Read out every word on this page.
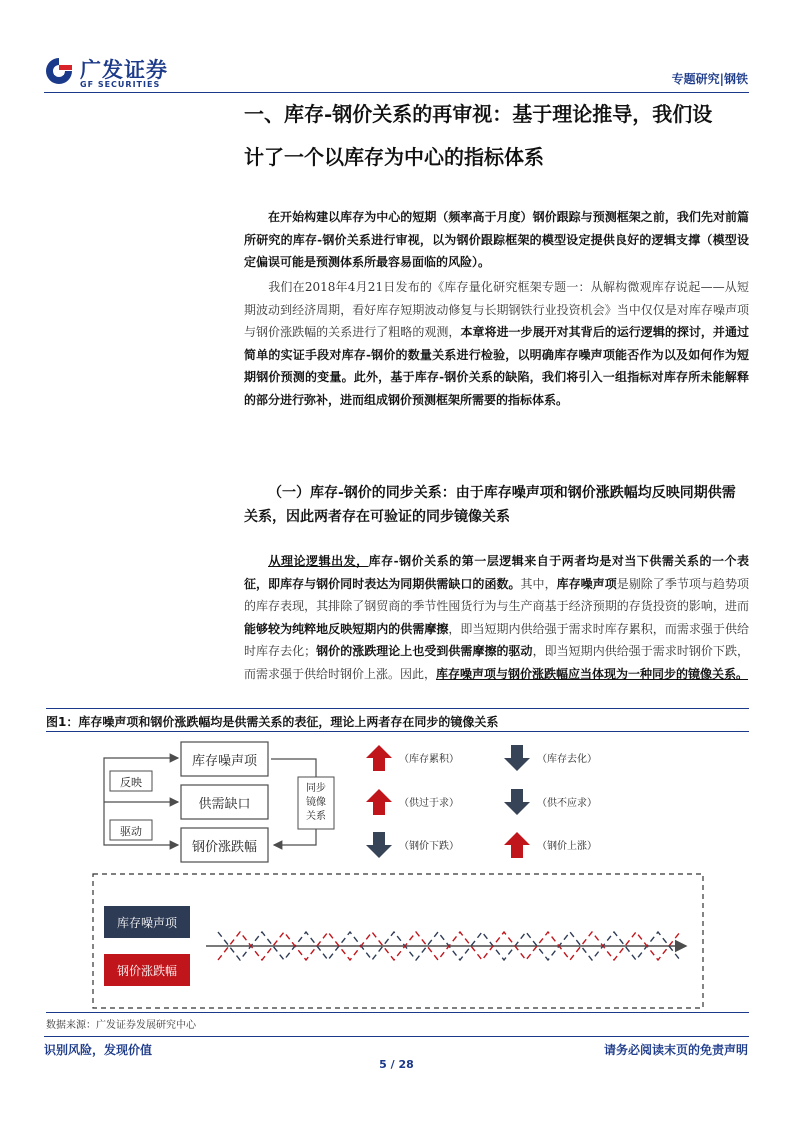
广发证券
GF SECURITIES	专题研究|钢铁
一、库存-钢价关系的再审视：基于理论推导，我们设
计了一个以库存为中心的指标体系

在开始构建以库存为中心的短期（频率高于月度）钢价跟踪与预测框架之前，我们先对前篇所研究的库存-钢价关系进行审视，以为钢价跟踪框架的模型设定提供良好的逻辑支撑（模型设定偏误可能是预测体系所最容易面临的风险）。

我们在2018年4月21日发布的《库存量化研究框架专题一：从解构微观库存说起——从短期波动到经济周期，看好库存短期波动修复与长期钢铁行业投资机会》当中仅仅是对库存噪声项与钢价涨跌幅的关系进行了粗略的观测，本章将进一步展开对其背后的运行逻辑的探讨，并通过简单的实证手段对库存-钢价的数量关系进行检验，以明确库存噪声项能否作为以及如何作为短期钢价预测的变量。此外，基于库存-钢价关系的缺陷，我们将引入一组指标对库存所未能解释的部分进行弥补，进而组成钢价预测框架所需要的指标体系。

（一）库存-钢价的同步关系：由于库存噪声项和钢价涨跌幅均反映同期供需关系，因此两者存在可验证的同步镜像关系

从理论逻辑出发，库存-钢价关系的第一层逻辑来自于两者均是对当下供需关系的一个表征，即库存与钢价同时表达为同期供需缺口的函数。其中，库存噪声项是剔除了季节项与趋势项的库存表现，其排除了钢贸商的季节性囤货行为与生产商基于经济预期的存货投资的影响，进而能够较为纯粹地反映短期内的供需摩擦，即当短期内供给强于需求时库存累积，而需求强于供给时库存去化；钢价的涨跌理论上也受到供需摩擦的驱动，即当短期内供给强于需求时钢价下跌，而需求强于供给时钢价上涨。因此，库存噪声项与钢价涨跌幅应当体现为一种同步的镜像关系。

图1：库存噪声项和钢价涨跌幅均是供需关系的表征，理论上两者存在同步的镜像关系
库存噪声项
供需缺口
钢价涨跌幅
反映
驱动
同步镜像关系
（库存累积）	（库存去化）
（供过于求）	（供不应求）
（钢价下跌）	（钢价上涨）
库存噪声项
钢价涨跌幅
数据来源：广发证券发展研究中心
识别风险，发现价值	请务必阅读末页的免责声明
5 / 28
